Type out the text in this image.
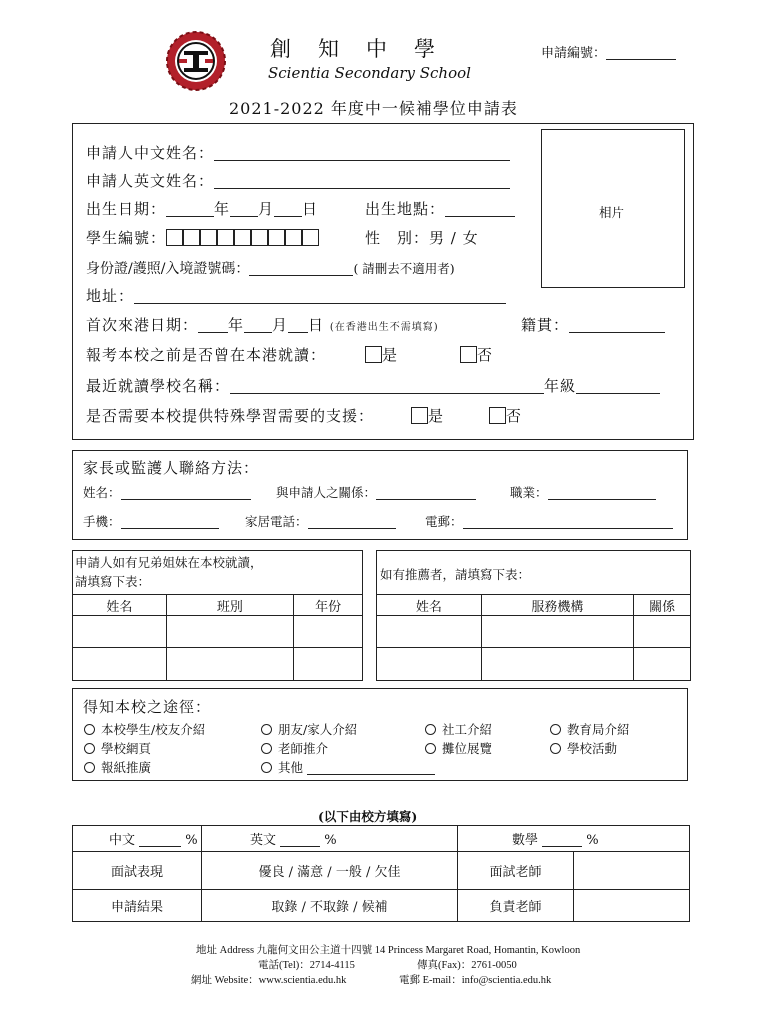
創　知　中　學
Scientia Secondary School
申請編號：
2021-2022 年度中一候補學位申請表
相片
申請人中文姓名：
申請人英文姓名：
出生日期：	年 月 日	出生地點：
學生編號：	性　別：男 / 女
身份證/護照/入境證號碼：	( 請刪去不適用者)
地址：
首次來港日期： 年 月 日 (在香港出生不需填寫)	籍貫：
報考本校之前是否曾在本港就讀：	是	否
最近就讀學校名稱：	年級
是否需要本校提供特殊學習需要的支援：	是	否
家長或監護人聯絡方法：
姓名：	與申請人之關係：	職業：
手機：	家居電話：	電郵：
申請人如有兄弟姐妹在本校就讀，
請填寫下表：
姓名	班別	年份

如有推薦者，請填寫下表：
姓名	服務機構	關係

得知本校之途徑：
本校學生/校友介紹	朋友/家人介紹	社工介紹	教育局介紹
學校網頁	老師推介	攤位展覽	學校活動
報紙推廣	其他
(以下由校方填寫)
中文 %	英文 %	數學 %	
面試表現	優良 / 滿意 / 一般 / 欠佳	面試老師	
申請結果	取錄 / 不取錄 / 候補	負責老師	
地址 Address 九龍何文田公主道十四號 14 Princess Margaret Road, Homantin, Kowloon
電話(Tel)：2714-4115	傳真(Fax)：2761-0050
網址 Website：www.scientia.edu.hk	電郵 E-mail：info@scientia.edu.hk
